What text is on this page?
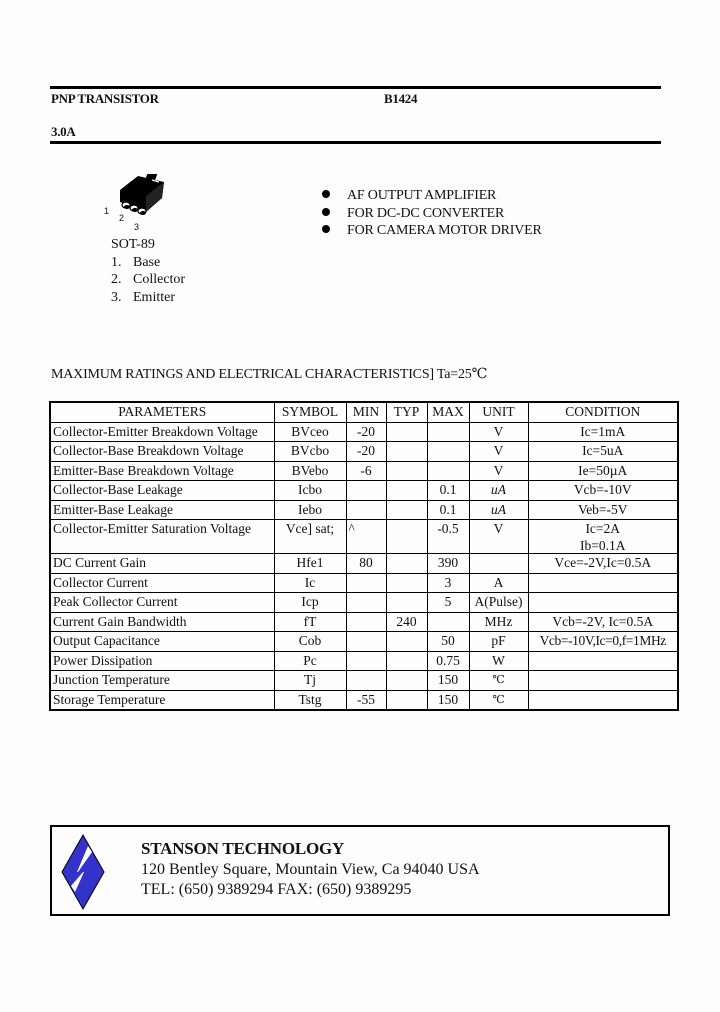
PNP TRANSISTOR	B1424
3.0A
1
2
3
SOT-89
1. Base
2. Collector
3. Emitter
AF OUTPUT AMPLIFIER
FOR DC-DC CONVERTER
FOR CAMERA MOTOR DRIVER
MAXIMUM RATINGS AND ELECTRICAL CHARACTERISTICS] Ta=25℃
PARAMETERS	SYMBOL	MIN	TYP	MAX	UNIT	CONDITION
Collector-Emitter Breakdown Voltage	BVceo	-20			V	Ic=1mA
Collector-Base Breakdown Voltage	BVcbo	-20			V	Ic=5uA
Emitter-Base Breakdown Voltage	BVebo	-6			V	Ie=50µA
Collector-Base Leakage	Icbo			0.1	uA	Vcb=-10V
Emitter-Base Leakage	Iebo			0.1	uA	Veb=-5V
Collector-Emitter Saturation Voltage	Vce] sat;	^		-0.5	V	Ic=2A
Ib=0.1A

DC Current Gain	Hfe1	80		390		Vce=-2V,Ic=0.5A
Collector Current	Ic			3	A	
Peak Collector Current	Icp			5	A(Pulse)	
Current Gain Bandwidth	fT		240		MHz	Vcb=-2V, Ic=0.5A
Output Capacitance	Cob			50	pF	Vcb=-10V,Ic=0,f=1MHz
Power Dissipation	Pc			0.75	W	
Junction Temperature	Tj			150	℃	
Storage Temperature	Tstg	-55		150	℃	
STANSON TECHNOLOGY
120 Bentley Square, Mountain View, Ca 94040 USA
TEL: (650) 9389294 FAX: (650) 9389295
